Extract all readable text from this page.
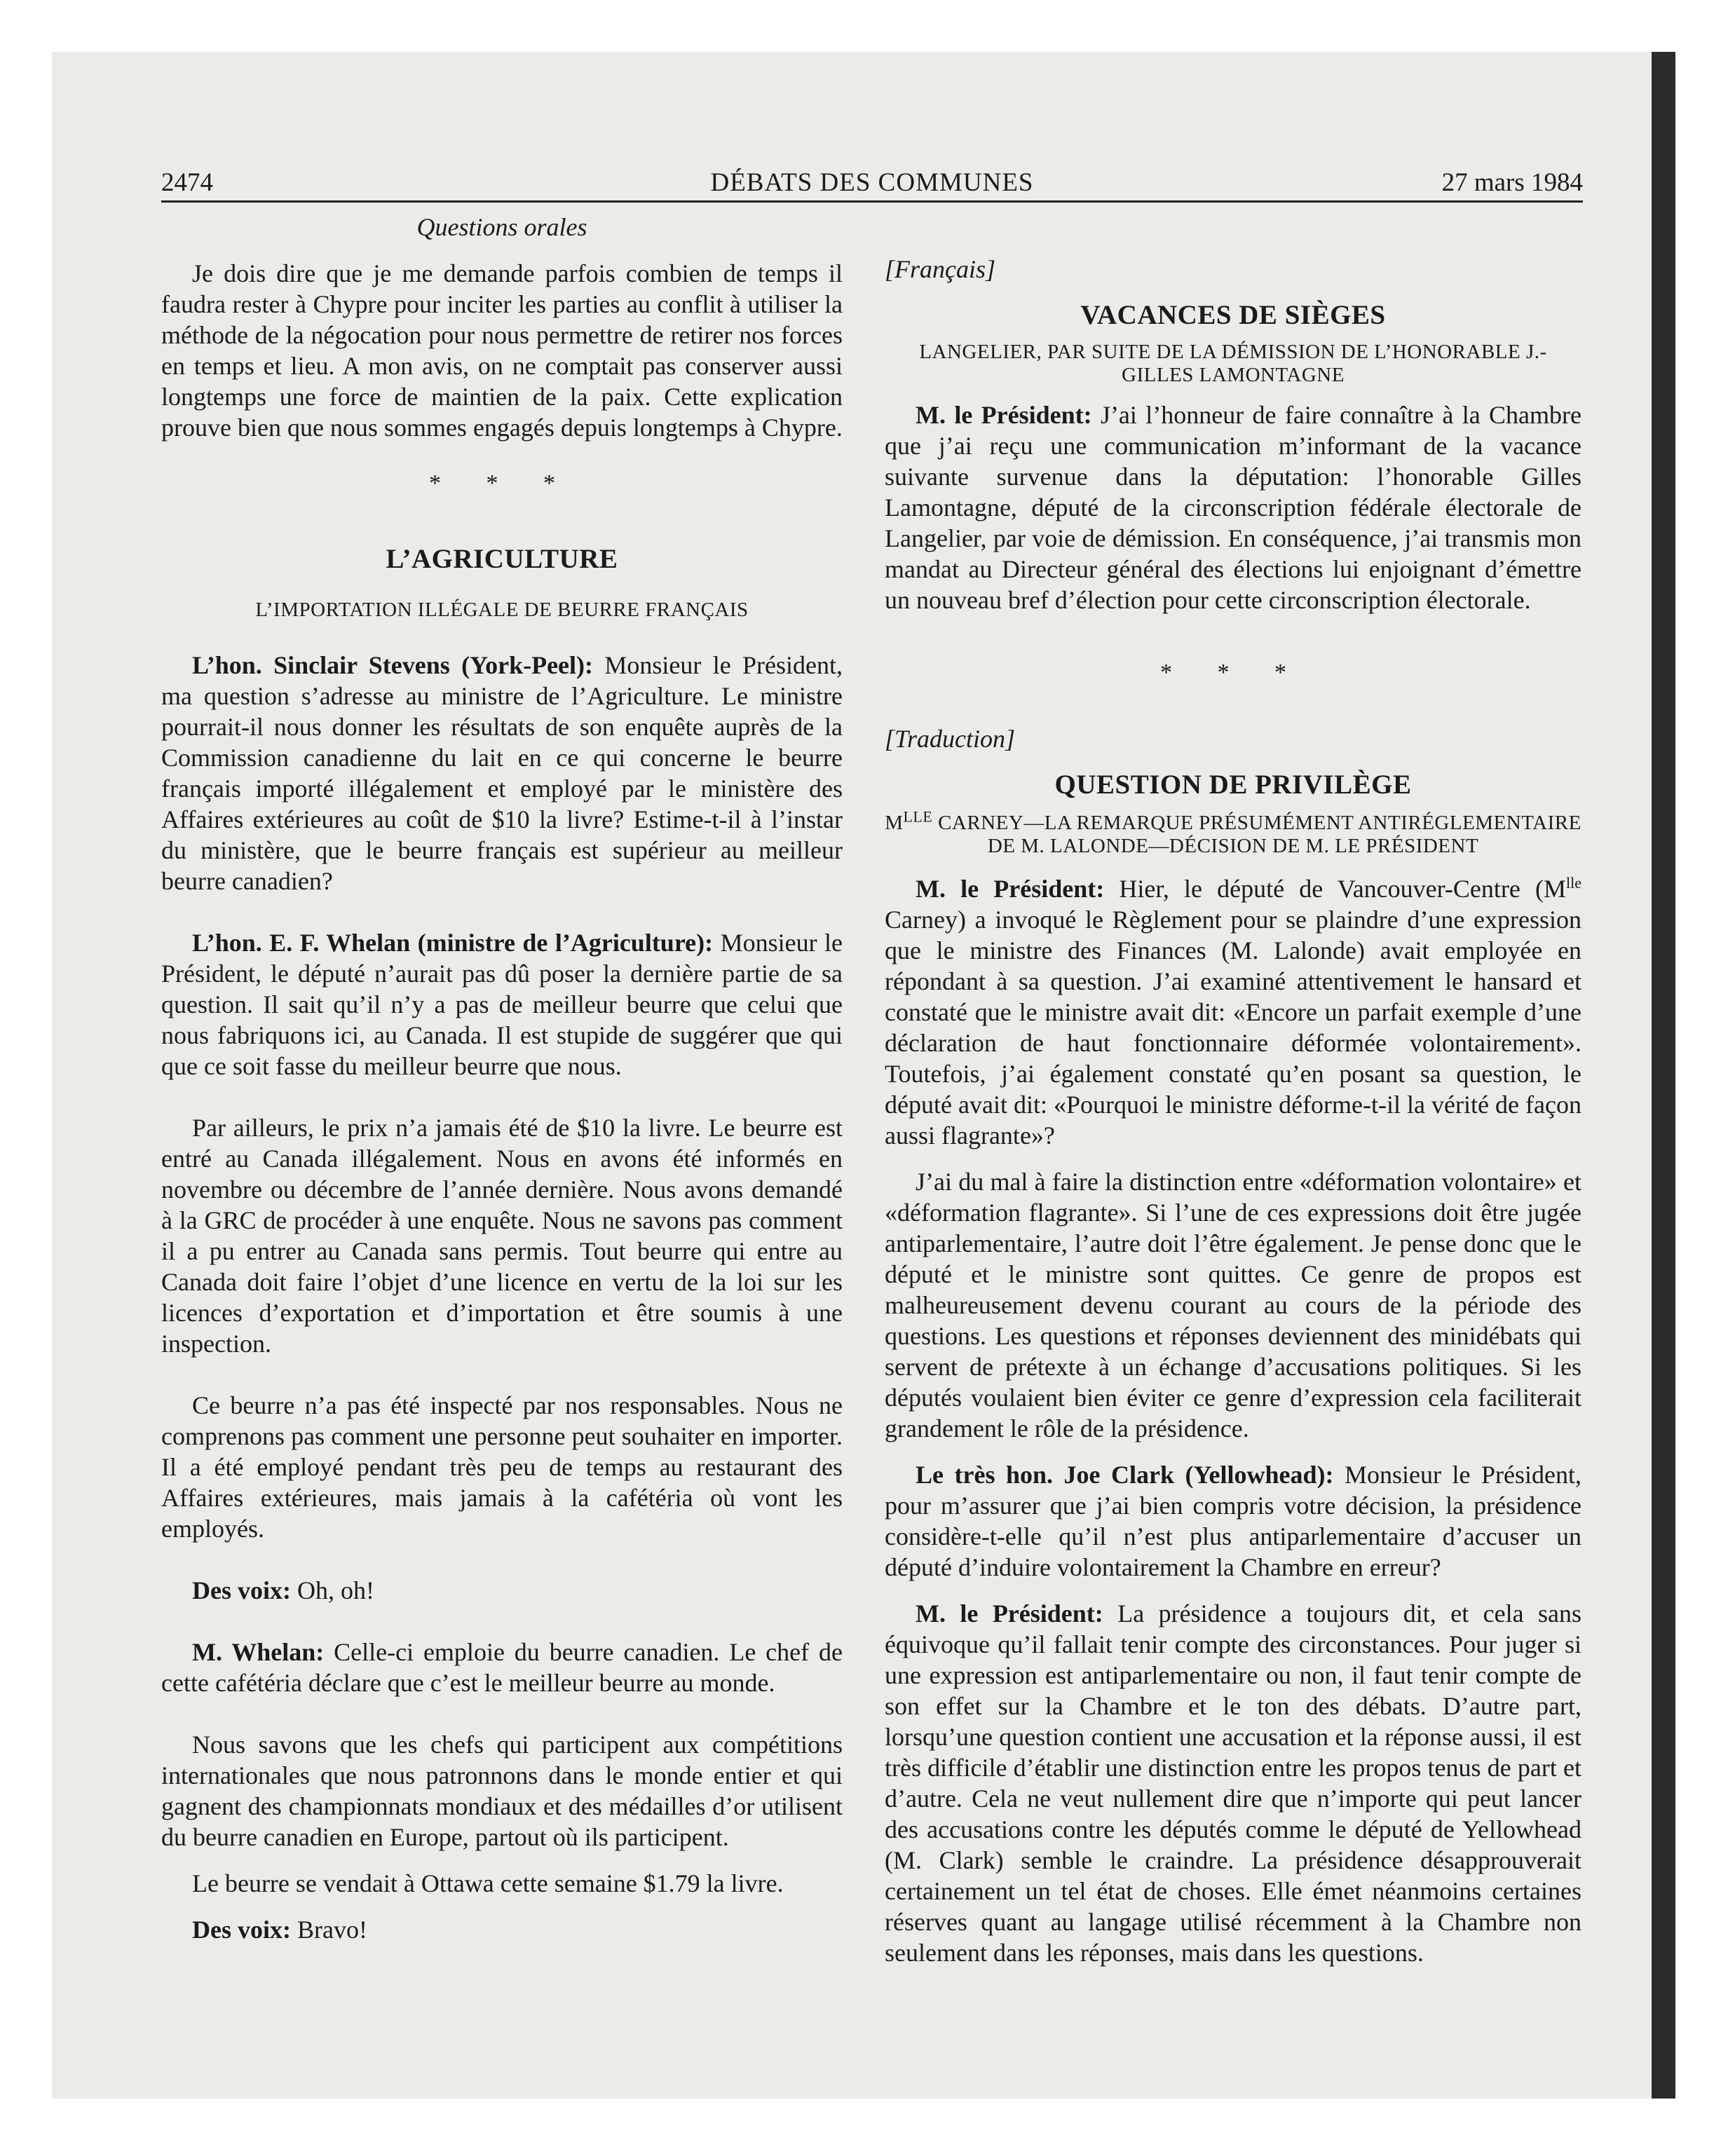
2474	DÉBATS DES COMMUNES	27 mars 1984

Questions orales

Je dois dire que je me demande parfois combien de temps il faudra rester à Chypre pour inciter les parties au conflit à utiliser la méthode de la négocation pour nous permettre de retirer nos forces en temps et lieu. A mon avis, on ne comptait pas conserver aussi longtemps une force de maintien de la paix. Cette explication prouve bien que nous sommes engagés depuis longtemps à Chypre.

* * *

L’AGRICULTURE

L’IMPORTATION ILLÉGALE DE BEURRE FRANÇAIS

L’hon. Sinclair Stevens (York-Peel): Monsieur le Président, ma question s’adresse au ministre de l’Agriculture. Le ministre pourrait-il nous donner les résultats de son enquête auprès de la Commission canadienne du lait en ce qui concerne le beurre français importé illégalement et employé par le ministère des Affaires extérieures au coût de $10 la livre? Estime-t-il à l’instar du ministère, que le beurre français est supérieur au meilleur beurre canadien?

L’hon. E. F. Whelan (ministre de l’Agriculture): Monsieur le Président, le député n’aurait pas dû poser la dernière partie de sa question. Il sait qu’il n’y a pas de meilleur beurre que celui que nous fabriquons ici, au Canada. Il est stupide de suggérer que qui que ce soit fasse du meilleur beurre que nous.

Par ailleurs, le prix n’a jamais été de $10 la livre. Le beurre est entré au Canada illégalement. Nous en avons été informés en novembre ou décembre de l’année dernière. Nous avons demandé à la GRC de procéder à une enquête. Nous ne savons pas comment il a pu entrer au Canada sans permis. Tout beurre qui entre au Canada doit faire l’objet d’une licence en vertu de la loi sur les licences d’exportation et d’importation et être soumis à une inspection.

Ce beurre n’a pas été inspecté par nos responsables. Nous ne comprenons pas comment une personne peut souhaiter en importer. Il a été employé pendant très peu de temps au restaurant des Affaires extérieures, mais jamais à la cafétéria où vont les employés.

Des voix: Oh, oh!

M. Whelan: Celle-ci emploie du beurre canadien. Le chef de cette cafétéria déclare que c’est le meilleur beurre au monde.

Nous savons que les chefs qui participent aux compétitions internationales que nous patronnons dans le monde entier et qui gagnent des championnats mondiaux et des médailles d’or utilisent du beurre canadien en Europe, partout où ils participent.

Le beurre se vendait à Ottawa cette semaine $1.79 la livre.

Des voix: Bravo!

[Français]

VACANCES DE SIÈGES

LANGELIER, PAR SUITE DE LA DÉMISSION DE L’HONORABLE J.-GILLES LAMONTAGNE

M. le Président: J’ai l’honneur de faire connaître à la Chambre que j’ai reçu une communication m’informant de la vacance suivante survenue dans la députation: l’honorable Gilles Lamontagne, député de la circonscription fédérale électorale de Langelier, par voie de démission. En conséquence, j’ai transmis mon mandat au Directeur général des élections lui enjoignant d’émettre un nouveau bref d’élection pour cette circonscription électorale.

* * *

[Traduction]

QUESTION DE PRIVILÈGE

$M^{LLE}$ CARNEY—LA REMARQUE PRÉSUMÉMENT ANTIRÉGLEMENTAIRE DE M. LALONDE—DÉCISION DE M. LE PRÉSIDENT

M. le Président: Hier, le député de Vancouver-Centre ($M^{lle}$ Carney) a invoqué le Règlement pour se plaindre d’une expression que le ministre des Finances (M. Lalonde) avait employée en répondant à sa question. J’ai examiné attentivement le hansard et constaté que le ministre avait dit: «Encore un parfait exemple d’une déclaration de haut fonctionnaire déformée volontairement». Toutefois, j’ai également constaté qu’en posant sa question, le député avait dit: «Pourquoi le ministre déforme-t-il la vérité de façon aussi flagrante»?

J’ai du mal à faire la distinction entre «déformation volontaire» et «déformation flagrante». Si l’une de ces expressions doit être jugée antiparlementaire, l’autre doit l’être également. Je pense donc que le député et le ministre sont quittes. Ce genre de propos est malheureusement devenu courant au cours de la période des questions. Les questions et réponses deviennent des minidébats qui servent de prétexte à un échange d’accusations politiques. Si les députés voulaient bien éviter ce genre d’expression cela faciliterait grandement le rôle de la présidence.

Le très hon. Joe Clark (Yellowhead): Monsieur le Président, pour m’assurer que j’ai bien compris votre décision, la présidence considère-t-elle qu’il n’est plus antiparlementaire d’accuser un député d’induire volontairement la Chambre en erreur?

M. le Président: La présidence a toujours dit, et cela sans équivoque qu’il fallait tenir compte des circonstances. Pour juger si une expression est antiparlementaire ou non, il faut tenir compte de son effet sur la Chambre et le ton des débats. D’autre part, lorsqu’une question contient une accusation et la réponse aussi, il est très difficile d’établir une distinction entre les propos tenus de part et d’autre. Cela ne veut nullement dire que n’importe qui peut lancer des accusations contre les députés comme le député de Yellowhead (M. Clark) semble le craindre. La présidence désapprouverait certainement un tel état de choses. Elle émet néanmoins certaines réserves quant au langage utilisé récemment à la Chambre non seulement dans les réponses, mais dans les questions.
